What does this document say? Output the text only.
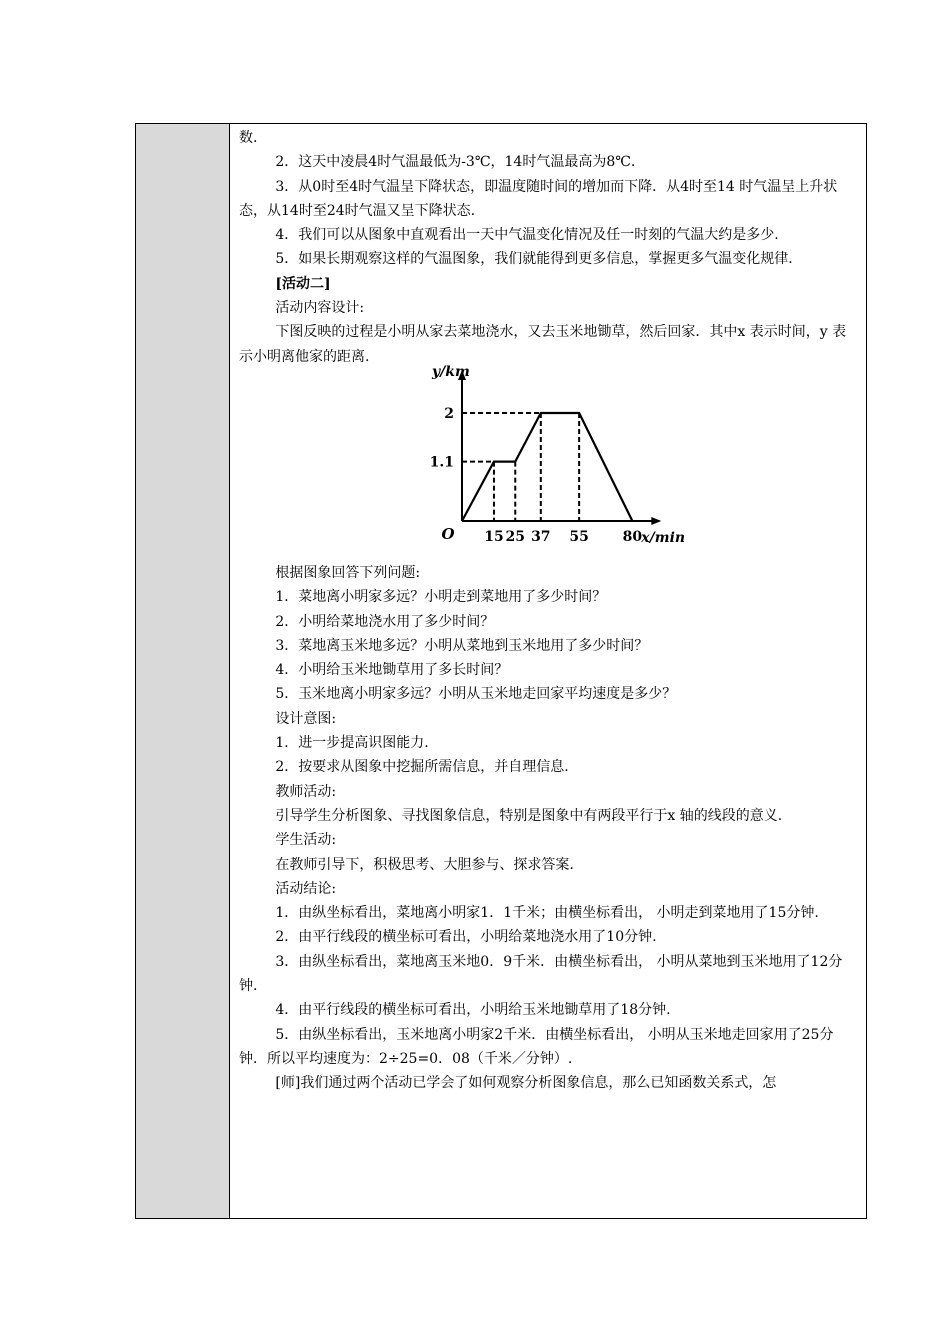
数.

2．这天中凌晨4时气温最低为-3℃，14时气温最高为8℃.

3．从0时至4时气温呈下降状态，即温度随时间的增加而下降．从4时至14 时气温呈上升状态，从14时至24时气温又呈下降状态.

4．我们可以从图象中直观看出一天中气温变化情况及任一时刻的气温大约是多少.

5．如果长期观察这样的气温图象，我们就能得到更多信息，掌握更多气温变化规律.

[活动二]

活动内容设计:

下图反映的过程是小明从家去菜地浇水，又去玉米地锄草，然后回家．其中x 表示时间，y 表示小明离他家的距离.

15 25 37 55 80
1.1
2
O	x/min
y/km

根据图象回答下列问题:

1．菜地离小明家多远？小明走到菜地用了多少时间？

2．小明给菜地浇水用了多少时间？

3．菜地离玉米地多远？小明从菜地到玉米地用了多少时间？

4．小明给玉米地锄草用了多长时间？

5．玉米地离小明家多远？小明从玉米地走回家平均速度是多少？

设计意图:

1．进一步提高识图能力.

2．按要求从图象中挖掘所需信息，并自理信息.

教师活动:

引导学生分析图象、寻找图象信息，特别是图象中有两段平行于x 轴的线段的意义.

学生活动:

在教师引导下，积极思考、大胆参与、探求答案.

活动结论:

1．由纵坐标看出，菜地离小明家1．1千米；由横坐标看出， 小明走到菜地用了15分钟.

2．由平行线段的横坐标可看出，小明给菜地浇水用了10分钟.

3．由纵坐标看出，菜地离玉米地0．9千米．由横坐标看出， 小明从菜地到玉米地用了12分钟.

4．由平行线段的横坐标可看出，小明给玉米地锄草用了18分钟.

5．由纵坐标看出，玉米地离小明家2千米．由横坐标看出， 小明从玉米地走回家用了25分钟．所以平均速度为：2÷25=0．08（千米／分钟）.

[师]我们通过两个活动已学会了如何观察分析图象信息，那么已知函数关系式，怎
